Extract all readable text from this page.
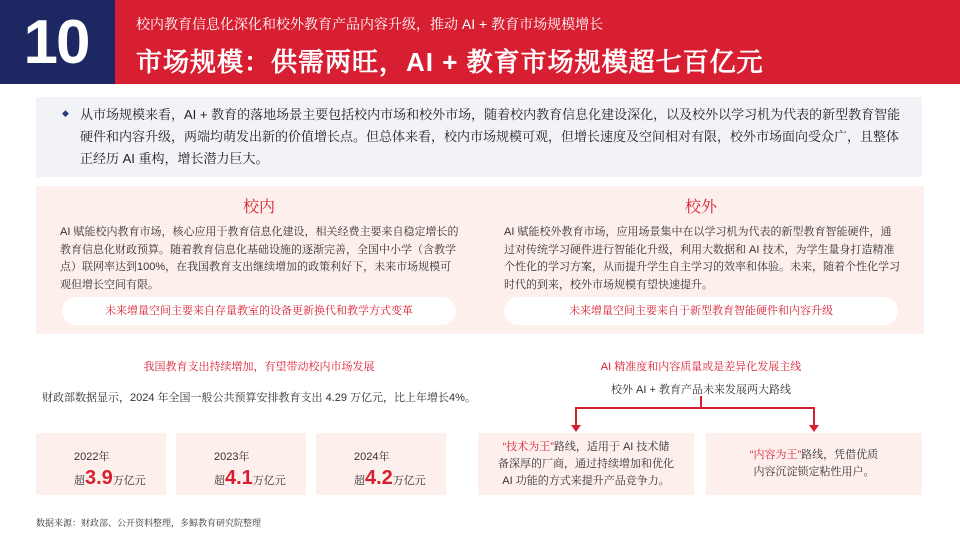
10	校内教育信息化深化和校外教育产品内容升级，推动 AI + 教育市场规模增长
市场规模：供需两旺，AI + 教育市场规模超七百亿元
◆ 从市场规模来看，AI + 教育的落地场景主要包括校内市场和校外市场，随着校内教育信息化建设深化，以及校外以学习机为代表的新型教育智能硬件和内容升级，两端均萌发出新的价值增长点。但总体来看，校内市场规模可观，但增长速度及空间相对有限，校外市场面向受众广，且整体正经历 AI 重构，增长潜力巨大。
校内
AI 赋能校内教育市场，核心应用于教育信息化建设，相关经费主要来自稳定增长的教育信息化财政预算。随着教育信息化基础设施的逐渐完善，全国中小学（含教学点）联网率达到100%，在我国教育支出继续增加的政策利好下，未来市场规模可观但增长空间有限。
未来增量空间主要来自存量教室的设备更新换代和教学方式变革
校外
AI 赋能校外教育市场，应用场景集中在以学习机为代表的新型教育智能硬件，通过对传统学习硬件进行智能化升级，利用大数据和 AI 技术，为学生量身打造精准个性化的学习方案，从而提升学生自主学习的效率和体验。未来，随着个性化学习时代的到来，校外市场规模有望快速提升。
未来增量空间主要来自于新型教育智能硬件和内容升级
我国教育支出持续增加，有望带动校内市场发展
财政部数据显示，2024 年全国一般公共预算安排教育支出 4.29 万亿元，比上年增长4%。
2022年
超3.9万亿元
2023年
超4.1万亿元
2024年
超4.2万亿元
AI 精准度和内容质量或是差异化发展主线
校外 AI + 教育产品未来发展两大路线
“技术为王”路线，适用于 AI 技术储
备深厚的厂商，通过持续增加和优化
AI 功能的方式来提升产品竞争力。
“内容为王”路线，凭借优质
内容沉淀锁定粘性用户。
数据来源：财政部、公开资料整理，多鲸教育研究院整理
